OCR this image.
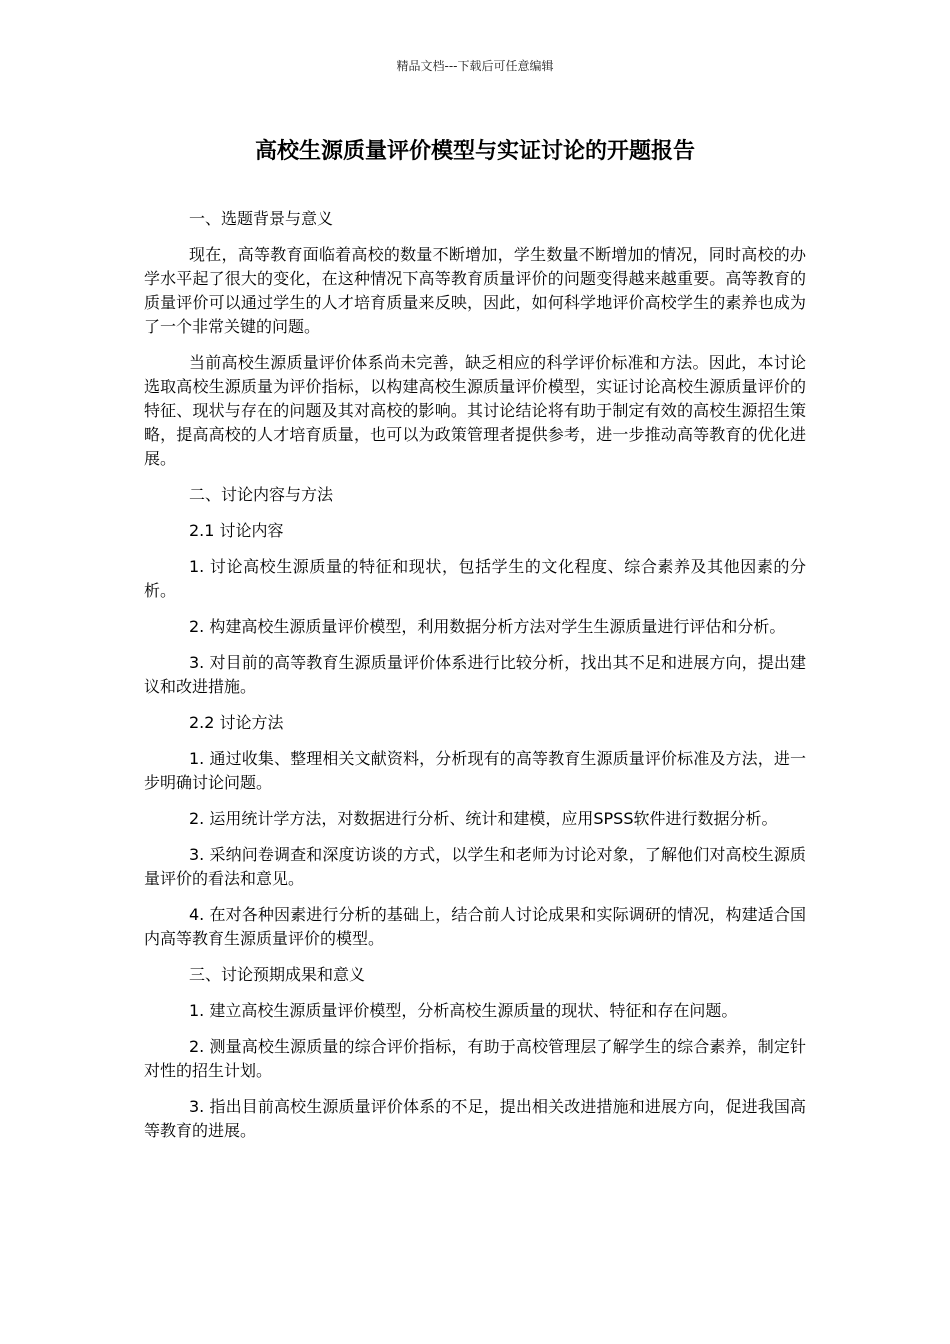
精品文档---下载后可任意编辑
高校生源质量评价模型与实证讨论的开题报告

一、选题背景与意义

现在，高等教育面临着高校的数量不断增加，学生数量不断增加的情况，同时高校的办学水平起了很大的变化，在这种情况下高等教育质量评价的问题变得越来越重要。高等教育的质量评价可以通过学生的人才培育质量来反映，因此，如何科学地评价高校学生的素养也成为了一个非常关键的问题。

当前高校生源质量评价体系尚未完善，缺乏相应的科学评价标准和方法。因此，本讨论选取高校生源质量为评价指标，以构建高校生源质量评价模型，实证讨论高校生源质量评价的特征、现状与存在的问题及其对高校的影响。其讨论结论将有助于制定有效的高校生源招生策略，提高高校的人才培育质量，也可以为政策管理者提供参考，进一步推动高等教育的优化进展。

二、讨论内容与方法

2.1 讨论内容

1. 讨论高校生源质量的特征和现状，包括学生的文化程度、综合素养及其他因素的分析。

2. 构建高校生源质量评价模型，利用数据分析方法对学生生源质量进行评估和分析。

3. 对目前的高等教育生源质量评价体系进行比较分析，找出其不足和进展方向，提出建议和改进措施。

2.2 讨论方法

1. 通过收集、整理相关文献资料，分析现有的高等教育生源质量评价标准及方法，进一步明确讨论问题。

2. 运用统计学方法，对数据进行分析、统计和建模，应用SPSS软件进行数据分析。

3. 采纳问卷调查和深度访谈的方式，以学生和老师为讨论对象，了解他们对高校生源质量评价的看法和意见。

4. 在对各种因素进行分析的基础上，结合前人讨论成果和实际调研的情况，构建适合国内高等教育生源质量评价的模型。

三、讨论预期成果和意义

1. 建立高校生源质量评价模型，分析高校生源质量的现状、特征和存在问题。

2. 测量高校生源质量的综合评价指标，有助于高校管理层了解学生的综合素养，制定针对性的招生计划。

3. 指出目前高校生源质量评价体系的不足，提出相关改进措施和进展方向，促进我国高等教育的进展。
